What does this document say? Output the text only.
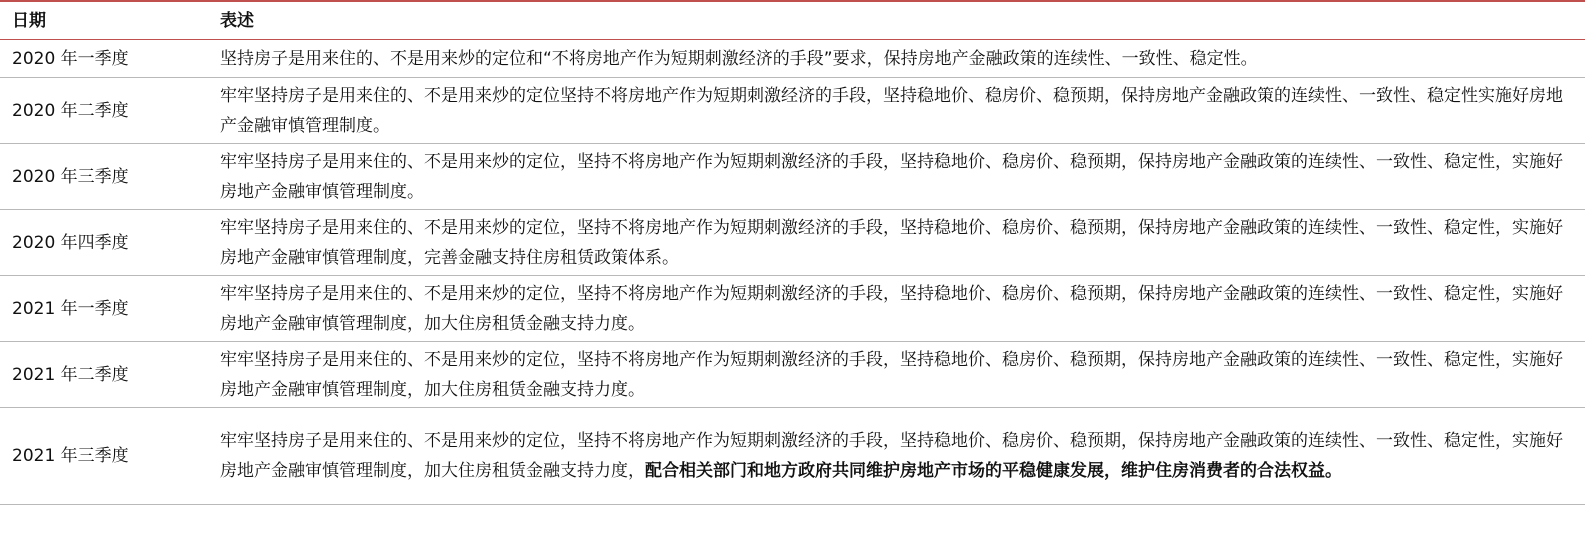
日期	表述
2020 年一季度	坚持房子是用来住的、不是用来炒的定位和“不将房地产作为短期刺激经济的手段”要求，保持房地产金融政策的连续性、一致性、稳定性。
2020 年二季度
牢牢坚持房子是用来住的、不是用来炒的定位坚持不将房地产作为短期刺激经济的手段，坚持稳地价、稳房价、稳预期，保持房地产金融政策的连续性、一致性、稳定性实施好房地产金融审慎管理制度。
2020 年三季度
牢牢坚持房子是用来住的、不是用来炒的定位，坚持不将房地产作为短期刺激经济的手段，坚持稳地价、稳房价、稳预期，保持房地产金融政策的连续性、一致性、稳定性，实施好房地产金融审慎管理制度。
2020 年四季度
牢牢坚持房子是用来住的、不是用来炒的定位，坚持不将房地产作为短期刺激经济的手段，坚持稳地价、稳房价、稳预期，保持房地产金融政策的连续性、一致性、稳定性，实施好房地产金融审慎管理制度，完善金融支持住房租赁政策体系。
2021 年一季度
牢牢坚持房子是用来住的、不是用来炒的定位，坚持不将房地产作为短期刺激经济的手段，坚持稳地价、稳房价、稳预期，保持房地产金融政策的连续性、一致性、稳定性，实施好房地产金融审慎管理制度，加大住房租赁金融支持力度。
2021 年二季度
牢牢坚持房子是用来住的、不是用来炒的定位，坚持不将房地产作为短期刺激经济的手段，坚持稳地价、稳房价、稳预期，保持房地产金融政策的连续性、一致性、稳定性，实施好房地产金融审慎管理制度，加大住房租赁金融支持力度。
2021 年三季度
牢牢坚持房子是用来住的、不是用来炒的定位，坚持不将房地产作为短期刺激经济的手段，坚持稳地价、稳房价、稳预期，保持房地产金融政策的连续性、一致性、稳定性，实施好房地产金融审慎管理制度，加大住房租赁金融支持力度，配合相关部门和地方政府共同维护房地产市场的平稳健康发展，维护住房消费者的合法权益。
